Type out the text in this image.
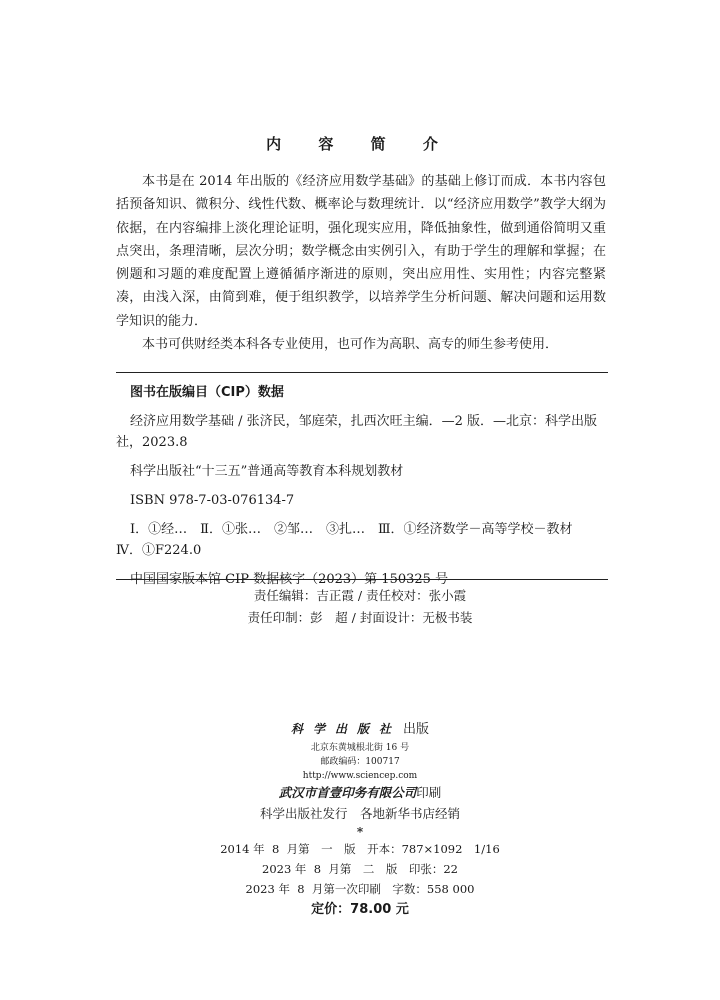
内 容 简 介

本书是在 2014 年出版的《经济应用数学基础》的基础上修订而成．本书内容包括预备知识、微积分、线性代数、概率论与数理统计．以“经济应用数学”教学大纲为依据，在内容编排上淡化理论证明，强化现实应用，降低抽象性，做到通俗简明又重点突出，条理清晰，层次分明；数学概念由实例引入，有助于学生的理解和掌握；在例题和习题的难度配置上遵循循序渐进的原则，突出应用性、实用性；内容完整紧凑，由浅入深，由简到难，便于组织教学，以培养学生分析问题、解决问题和运用数学知识的能力．

本书可供财经类本科各专业使用，也可作为高职、高专的师生参考使用．

图书在版编目（CIP）数据
经济应用数学基础 / 张济民，邹庭荣，扎西次旺主编．—2 版．—北京：科学出版社，2023.8
科学出版社“十三五”普通高等教育本科规划教材
ISBN 978-7-03-076134-7
Ⅰ．①经…　Ⅱ．①张…　②邹…　③扎…　Ⅲ．①经济数学－高等学校－教材　Ⅳ．①F224.0
中国国家版本馆 CIP 数据核字（2023）第 150325 号
责任编辑：吉正霞 / 责任校对：张小霞
责任印制：彭　超 / 封面设计：无极书装
科学出版社 出版
北京东黄城根北街 16 号
邮政编码：100717
http://www.sciencep.com
武汉市首壹印务有限公司印刷
科学出版社发行　各地新华书店经销
*
2014 年  8  月第　一　版　开本：787×1092　1/16
2023 年  8  月第　二　版　印张：22
2023 年  8  月第一次印刷　字数：558 000
定价：78.00 元
